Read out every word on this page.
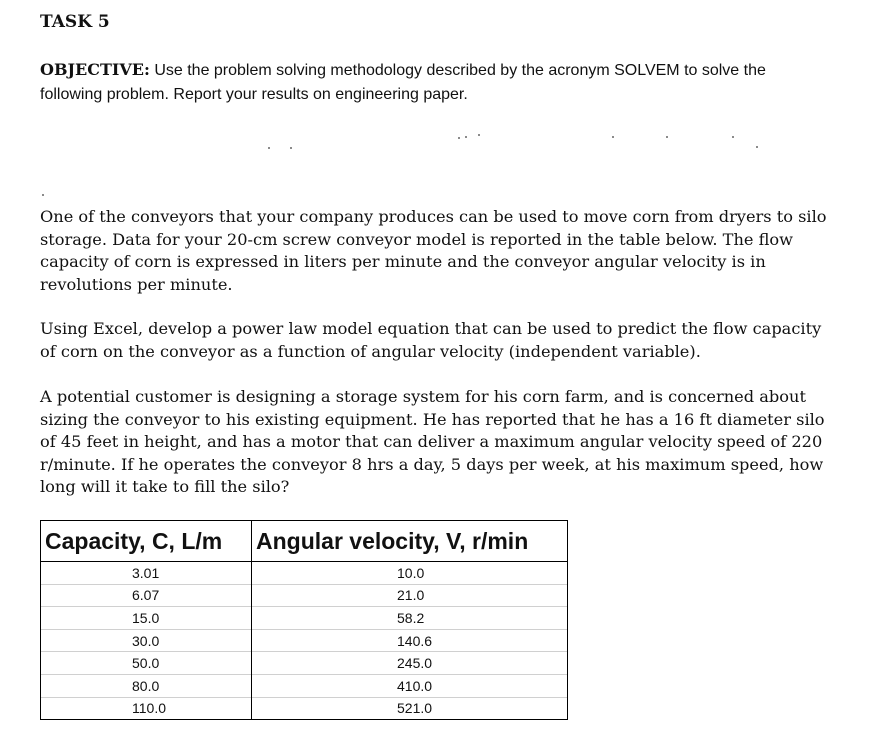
TASK 5
OBJECTIVE: Use the problem solving methodology described by the acronym SOLVEM to solve the following problem. Report your results on engineering paper.
One of the conveyors that your company produces can be used to move corn from dryers to silo storage. Data for your 20-cm screw conveyor model is reported in the table below. The flow capacity of corn is expressed in liters per minute and the conveyor angular velocity is in revolutions per minute.
Using Excel, develop a power law model equation that can be used to predict the flow capacity of corn on the conveyor as a function of angular velocity (independent variable).
A potential customer is designing a storage system for his corn farm, and is concerned about sizing the conveyor to his existing equipment. He has reported that he has a 16 ft diameter silo of 45 feet in height, and has a motor that can deliver a maximum angular velocity speed of 220 r/minute. If he operates the conveyor 8 hrs a day, 5 days per week, at his maximum speed, how long will it take to fill the silo?
Capacity, C, L/m	Angular velocity, V, r/min
3.01	10.0
6.07	21.0
15.0	58.2
30.0	140.6
50.0	245.0
80.0	410.0
110.0	521.0
